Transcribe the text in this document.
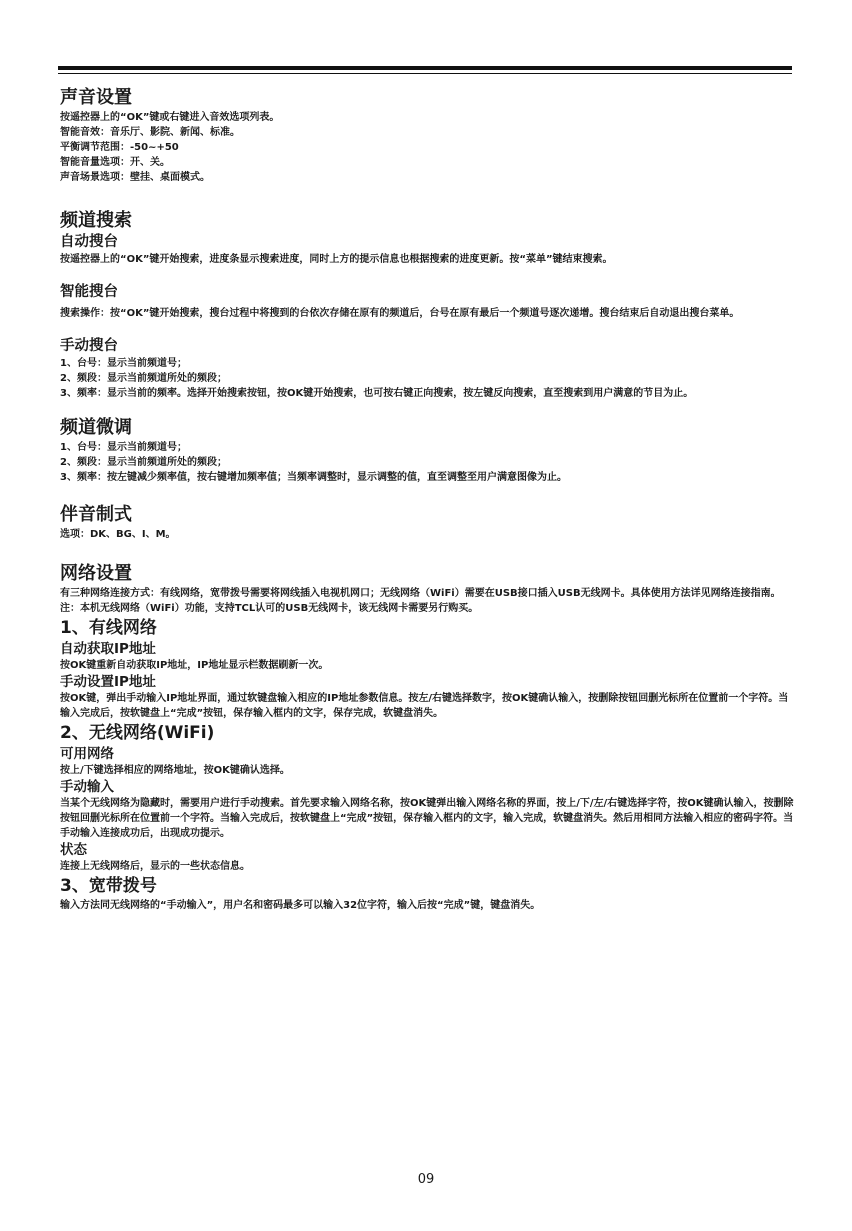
声音设置
按遥控器上的“OK”键或右键进入音效选项列表。
智能音效：音乐厅、影院、新闻、标准。
平衡调节范围：-50~+50
智能音量选项：开、关。
声音场景选项：壁挂、桌面模式。
频道搜索
自动搜台
按遥控器上的“OK”键开始搜索，进度条显示搜索进度，同时上方的提示信息也根据搜索的进度更新。按“菜单”键结束搜索。
智能搜台
搜索操作：按“OK”键开始搜索，搜台过程中将搜到的台依次存储在原有的频道后，台号在原有最后一个频道号逐次递增。搜台结束后自动退出搜台菜单。
手动搜台
1、台号：显示当前频道号；
2、频段：显示当前频道所处的频段；
3、频率：显示当前的频率。选择开始搜索按钮，按OK键开始搜索，也可按右键正向搜索，按左键反向搜索，直至搜索到用户满意的节目为止。
频道微调
1、台号：显示当前频道号；
2、频段：显示当前频道所处的频段；
3、频率：按左键减少频率值，按右键增加频率值；当频率调整时，显示调整的值，直至调整至用户满意图像为止。
伴音制式
选项：DK、BG、I、M。
网络设置
有三种网络连接方式：有线网络，宽带拨号需要将网线插入电视机网口；无线网络（WiFi）需要在USB接口插入USB无线网卡。具体使用方法详见网络连接指南。
注：本机无线网络（WiFi）功能，支持TCL认可的USB无线网卡，该无线网卡需要另行购买。
1、有线网络
自动获取IP地址
按OK键重新自动获取IP地址，IP地址显示栏数据刷新一次。
手动设置IP地址
按OK键，弹出手动输入IP地址界面，通过软键盘输入相应的IP地址参数信息。按左/右键选择数字，按OK键确认输入，按删除按钮回删光标所在位置前一个字符。当输入完成后，按软键盘上“完成”按钮，保存输入框内的文字，保存完成，软键盘消失。
2、无线网络(WiFi)
可用网络
按上/下键选择相应的网络地址，按OK键确认选择。
手动输入
当某个无线网络为隐藏时，需要用户进行手动搜索。首先要求输入网络名称，按OK键弹出输入网络名称的界面，按上/下/左/右键选择字符，按OK键确认输入，按删除按钮回删光标所在位置前一个字符。当输入完成后，按软键盘上“完成”按钮，保存输入框内的文字，输入完成，软键盘消失。然后用相同方法输入相应的密码字符。当手动输入连接成功后，出现成功提示。
状态
连接上无线网络后，显示的一些状态信息。
3、宽带拨号
输入方法同无线网络的“手动输入”，用户名和密码最多可以输入32位字符，输入后按“完成”键，键盘消失。
09
